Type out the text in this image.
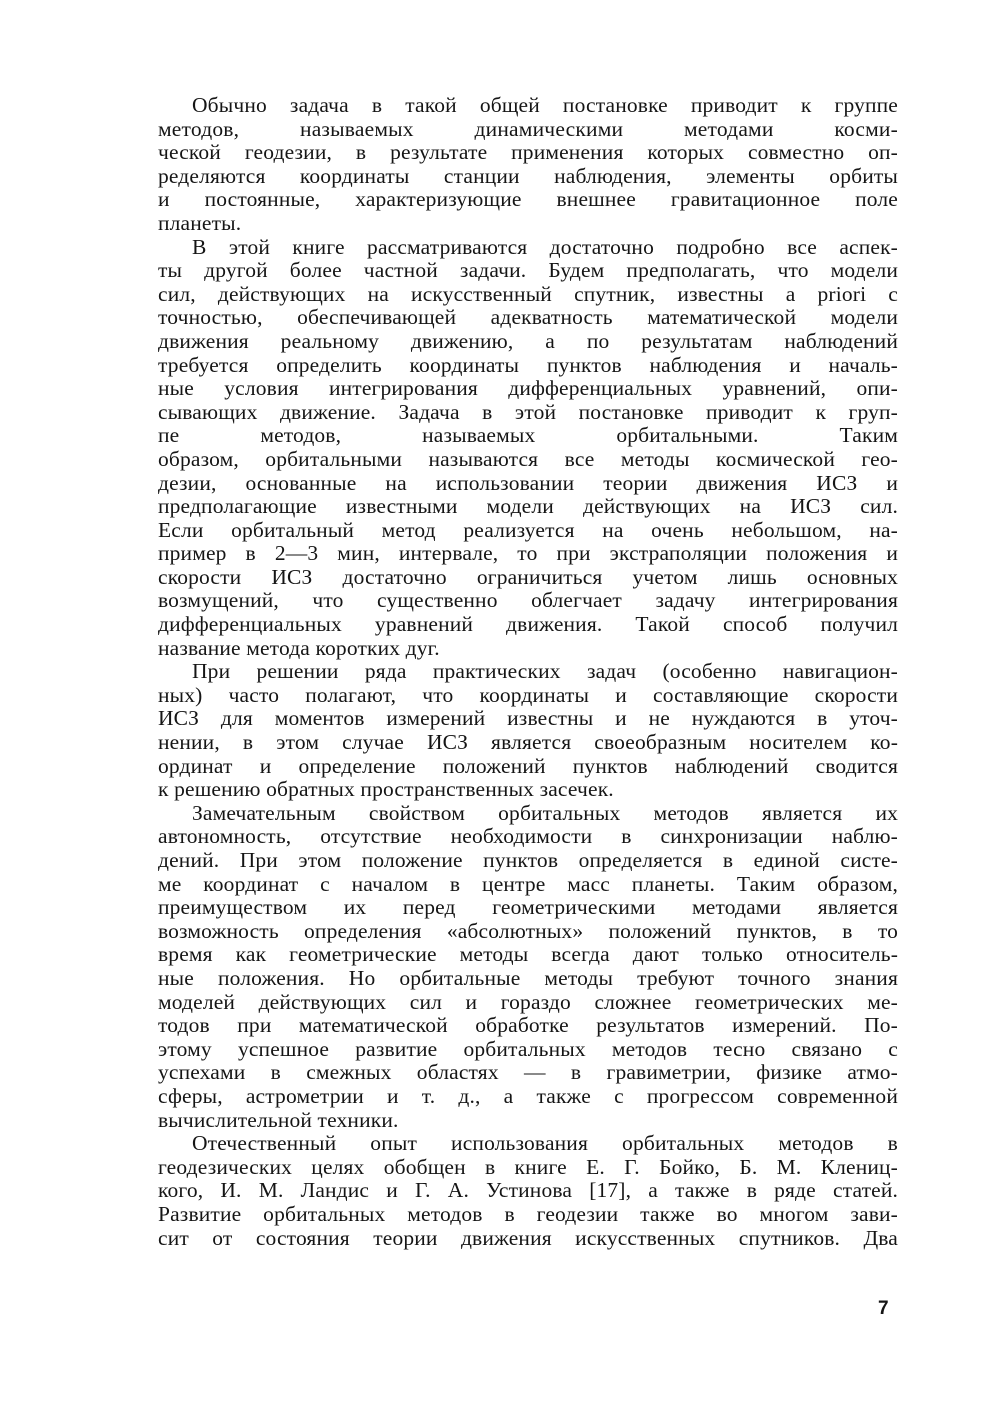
Обычно задача в такой общей постановке приводит к группе
методов, называемых динамическими методами косми-
ческой геодезии, в результате применения которых совместно оп-
ределяются координаты станции наблюдения, элементы орбиты
и постоянные, характеризующие внешнее гравитационное поле
планеты.
В этой книге рассматриваются достаточно подробно все аспек-
ты другой более частной задачи. Будем предполагать, что модели
сил, действующих на искусственный спутник, известны a priori с
точностью, обеспечивающей адекватность математической модели
движения реальному движению, а по результатам наблюдений
требуется определить координаты пунктов наблюдения и началь-
ные условия интегрирования дифференциальных уравнений, опи-
сывающих движение. Задача в этой постановке приводит к груп-
пе методов, называемых орбитальными. Таким
образом, орбитальными называются все методы космической гео-
дезии, основанные на использовании теории движения ИСЗ и
предполагающие известными модели действующих на ИСЗ сил.
Если орбитальный метод реализуется на очень небольшом, на-
пример в 2—3 мин, интервале, то при экстраполяции положения и
скорости ИСЗ достаточно ограничиться учетом лишь основных
возмущений, что существенно облегчает задачу интегрирования
дифференциальных уравнений движения. Такой способ получил
название метода коротких дуг.
При решении ряда практических задач (особенно навигацион-
ных) часто полагают, что координаты и составляющие скорости
ИСЗ для моментов измерений известны и не нуждаются в уточ-
нении, в этом случае ИСЗ является своеобразным носителем ко-
ординат и определение положений пунктов наблюдений сводится
к решению обратных пространственных засечек.
Замечательным свойством орбитальных методов является их
автономность, отсутствие необходимости в синхронизации наблю-
дений. При этом положение пунктов определяется в единой систе-
ме координат с началом в центре масс планеты. Таким образом,
преимуществом их перед геометрическими методами является
возможность определения «абсолютных» положений пунктов, в то
время как геометрические методы всегда дают только относитель-
ные положения. Но орбитальные методы требуют точного знания
моделей действующих сил и гораздо сложнее геометрических ме-
тодов при математической обработке результатов измерений. По-
этому успешное развитие орбитальных методов тесно связано с
успехами в смежных областях — в гравиметрии, физике атмо-
сферы, астрометрии и т. д., а также с прогрессом современной
вычислительной техники.
Отечественный опыт использования орбитальных методов в
геодезических целях обобщен в книге Е. Г. Бойко, Б. М. Клениц-
кого, И. М. Ландис и Г. А. Устинова [17], а также в ряде статей.
Развитие орбитальных методов в геодезии также во многом зави-
сит от состояния теории движения искусственных спутников. Два
7
